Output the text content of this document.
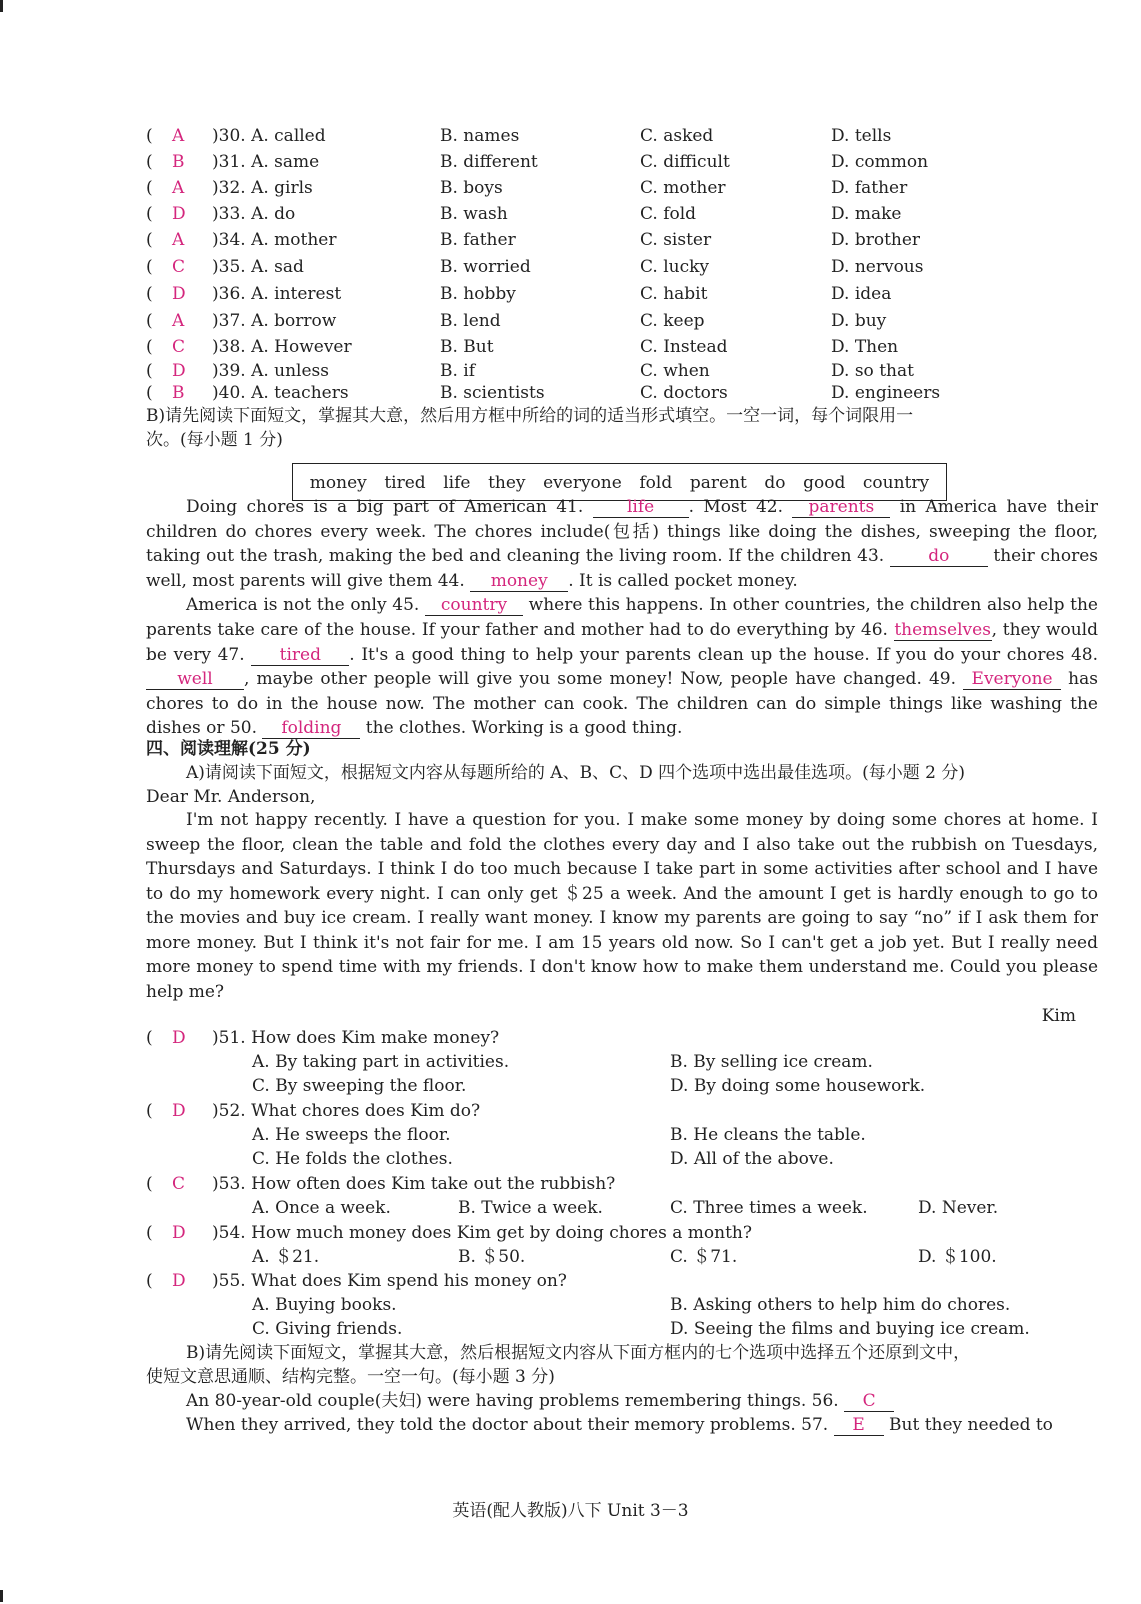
( A )30. A. called	B. names	C. asked	D. tells
( B )31. A. same	B. different	C. difficult	D. common
( A )32. A. girls	B. boys	C. mother	D. father
( D )33. A. do	B. wash	C. fold	D. make
( A )34. A. mother	B. father	C. sister	D. brother
( C )35. A. sad	B. worried	C. lucky	D. nervous
( D )36. A. interest	B. hobby	C. habit	D. idea
( A )37. A. borrow	B. lend	C. keep	D. buy
( C )38. A. However	B. But	C. Instead	D. Then
( D )39. A. unless	B. if	C. when	D. so that
( B )40. A. teachers	B. scientists	C. doctors	D. engineers
B)请先阅读下面短文，掌握其大意，然后用方框中所给的词的适当形式填空。一空一词，每个词限用一
次。(每小题 1 分)
money tired life they everyone fold parent do good country

Doing chores is a big part of American 41. life . Most 42. parents in America have their children do chores every week. The chores include(包括) things like doing the dishes, sweeping the floor, taking out the trash, making the bed and cleaning the living room. If the children 43. do their chores well, most parents will give them 44. money . It is called pocket money.

America is not the only 45. country where this happens. In other countries, the children also help the parents take care of the house. If your father and mother had to do everything by 46. themselves, they would be very 47. tired . It's a good thing to help your parents clean up the house. If you do your chores 48. well , maybe other people will give you some money! Now, people have changed. 49. Everyone has chores to do in the house now. The mother can cook. The children can do simple things like washing the dishes or 50. folding the clothes. Working is a good thing.

四、阅读理解(25 分)
A)请阅读下面短文，根据短文内容从每题所给的 A、B、C、D 四个选项中选出最佳选项。(每小题 2 分)
Dear Mr. Anderson,

I'm not happy recently. I have a question for you. I make some money by doing some chores at home. I sweep the floor, clean the table and fold the clothes every day and I also take out the rubbish on Tuesdays, Thursdays and Saturdays. I think I do too much because I take part in some activities after school and I have to do my homework every night. I can only get ＄25 a week. And the amount I get is hardly enough to go to the movies and buy ice cream. I really want money. I know my parents are going to say “no” if I ask them for more money. But I think it's not fair for me. I am 15 years old now. So I can't get a job yet. But I really need more money to spend time with my friends. I don't know how to make them understand me. Could you please help me?

Kim
( D )51. How does Kim make money?
A. By taking part in activities.	B. By selling ice cream.
C. By sweeping the floor.	D. By doing some housework.
( D )52. What chores does Kim do?
A. He sweeps the floor.	B. He cleans the table.
C. He folds the clothes.	D. All of the above.
( C )53. How often does Kim take out the rubbish?
A. Once a week.	B. Twice a week.	C. Three times a week.	D. Never.
( D )54. How much money does Kim get by doing chores a month?
A. ＄21.	B. ＄50.	C. ＄71.	D. ＄100.
( D )55. What does Kim spend his money on?
A. Buying books.	B. Asking others to help him do chores.
C. Giving friends.	D. Seeing the films and buying ice cream.
B)请先阅读下面短文，掌握其大意，然后根据短文内容从下面方框内的七个选项中选择五个还原到文中，
使短文意思通顺、结构完整。一空一句。(每小题 3 分)
An 80-year-old couple(夫妇) were having problems remembering things. 56. C
When they arrived, they told the doctor about their memory problems. 57. E But they needed to
英语(配人教版)八下 Unit 3－3
